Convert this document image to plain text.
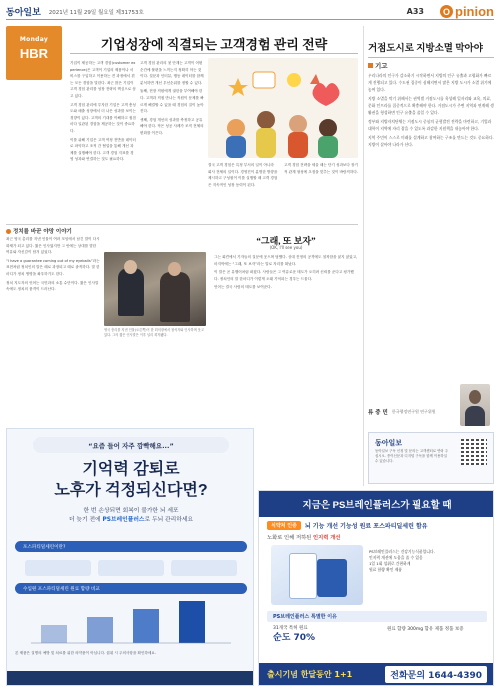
동아일보 2021년 11월 29일 월요일 제31753호	A33	O pinion
Monday
HBR
기업성장에 직결되는 고객경험 관리 전략

기업이 제공하는 고객 경험(customer experience)은 고객이 기업의 제품이나 서비스를 구입하고 이용하는 전 과정에서 겪는 모든 경험을 말한다. 최근 많은 기업이 고객 경험 관리를 성장 전략의 핵심으로 삼고 있다.

고객 경험 관리에 투자한 기업은 고객 충성도와 매출 성장에서 더 나은 성과를 보이는 경향이 있다. 고객의 기대를 이해하고 접점마다 일관된 경험을 제공하는 것이 중요하다.

이를 위해 기업은 고객 여정 전반을 데이터로 파악하고 조직 간 협업을 통해 개선 과제를 실행해야 한다. 고객 경험 지표를 경영 성과와 연결하는 것도 필요하다.

고객 경험 관리의 첫 단계는 고객이 어떤 순간에 불편을 느끼는지 정확히 아는 것이다. 설문과 인터뷰, 행동 데이터를 함께 분석하면 개선 우선순위를 정할 수 있다.

둘째, 현장 직원에게 권한을 부여해야 한다. 고객과 직접 만나는 직원이 문제를 빠르게 해결할 수 있을 때 경험의 질이 높아진다.

셋째, 경험 개선의 성과를 측정하고 공유해야 한다. 작은 성공 사례가 조직 전체의 변화를 이끈다.

결국 고객 경험은 특정 부서의 일이 아니라 회사 전체의 일이다. 경영진이 분명한 방향을 제시하고 구성원이 이를 실행할 때 고객 경험은 지속적인 성장 동력이 된다.

고객 경험 전략을 세울 때는 단기 성과보다 장기적 관계 형성에 초점을 맞추는 것이 바람직하다.

거점도시로 지방소멸 막아야
기고

우리나라의 인구가 감소하기 시작하면서 지방의 인구 유출과 고령화가 빠르게 진행되고 있다. 수도권 집중이 심해지면서 많은 지방 도시가 소멸 위기에 놓여 있다.

지방 소멸을 막기 위해서는 권역별 거점도시를 육성해 일자리와 교육, 의료, 문화 인프라를 집중적으로 확충해야 한다. 거점도시가 주변 지역과 연계해 생활권을 형성하면 인구 유출을 줄일 수 있다.

정부와 지방자치단체는 거점도시 중심의 균형발전 전략을 마련하고, 기업과 대학이 지역에 자리 잡을 수 있도록 과감한 지원책을 내놓아야 한다.

지역 주민이 스스로 미래를 설계하고 참여하는 구조를 만드는 것도 중요하다. 지방이 살아야 나라가 산다.

류 중 민 한국행정연구원 연구위원
동아일보
동아일보 구독 신청 및 문의는 고객센터로 연락 주십시오. 종이신문과 디지털 구독을 함께 이용하실 수 있습니다.
정치를 바꾼 야망 이야기
“그래, 또 보자”
(OK, I'll see you)

최근 영국 총리를 지낸 인물이 여러 모임에서 남긴 말이 다시 화제가 되고 있다. 짧은 인사였지만 그 안에는 상대를 향한 여유와 자신감이 담겨 있었다.

“I have a guarantee coming out of my eyeballs”라는 표현처럼 정치인의 말은 때로 과장되고 때로 솔직하다. 말 한마디가 정치 생명을 좌우하기도 한다.

정치 지도자의 언어는 국민과의 소통 수단이다. 짧은 인사말 속에도 정치의 품격이 드러난다.

영국 총리를 지낸 인물(오른쪽)이 한 회의장에서 참석자와 인사하며 웃고 있다. 그의 짧은 인사말은 이후 널리 회자됐다.

그는 회견에서 기자들의 질문에 웃으며 답했다. 상대 진영의 공격에도 침착함을 잃지 않았고, 마지막에는 “그래, 또 보자”라는 말로 자리를 떠났다.

이 말은 곧 유행어처럼 퍼졌다. 사람들은 그 여유로운 태도가 오히려 신뢰를 준다고 평가했다. 정치인의 말 한마디가 이렇게 오래 기억되는 경우는 드물다.

언어는 결국 사람의 태도를 보여준다.

“요즘 들어 자주 깜빡해요...”
기억력 감퇴로
노후가 걱정되신다면?
한 번 손상되면 회복이 불가한 뇌 세포
더 늦기 전에 PS브레인플러스로 두뇌 관리하세요
포스파티딜세린이란?
수입원 포스파티딜세린 원료 함량 비교
본 제품은 질병의 예방 및 치료를 위한 의약품이 아닙니다. 섭취 시 주의사항을 확인하세요.
지금은 PS브레인플러스가 필요할 때
식약처 인증	뇌 기능 개선 기능성 원료 포스파티딜세린 함유
노화로 인해 저하된 인지력 개선
PS브레인플러스는 건강기능식품입니다.
인지력 개선에 도움을 줄 수 있음
1일 1회 섭취로 간편하게
원료 함량 확인 제품
PS브레인플러스 특별한 이유
31개국 특허 원료
순도 70%
원료 함량 300mg 함유 제품 정품 보증
출시기념 한달동안 1+1	전화문의 1644-4390
